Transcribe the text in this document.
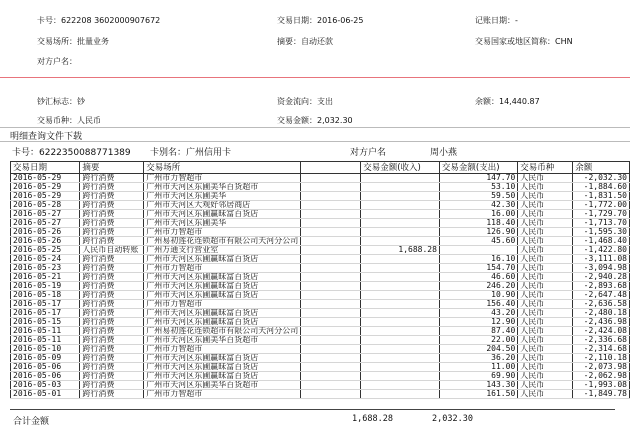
卡号：622208 3602000907672	交易日期：2016-06-25	记账日期：-
交易场所：批量业务	摘要：自动还款	交易国家或地区简称：CHN
对方户名：
钞汇标志：钞	资金流向：支出	余额：14,440.87
交易币种：人民币	交易金额：2,032.30
明细查询文件下载
卡号：6222350088771389 卡别名：广州信用卡	对方户名	周小燕
交易日期	摘要	交易场所		交易金额(收入)	交易金额(支出)	交易币种	余额
2016-05-29	跨行消费	广州市力智超市			147.70	人民币	-2,032.30
2016-05-29	跨行消费	广州市天河区东圃美华百货超市			53.10	人民币	-1,884.60
2016-05-29	跨行消费	广州市天河区东圃美华			59.50	人民币	-1,831.50
2016-05-28	跨行消费	广州市天河区大观好邻居商店			42.30	人民币	-1,772.00
2016-05-27	跨行消费	广州市天河区东圃赢昧富百货店			16.00	人民币	-1,729.70
2016-05-27	跨行消费	广州市天河区东圃美华			118.40	人民币	-1,713.70
2016-05-26	跨行消费	广州市力智超市			126.90	人民币	-1,595.30
2016-05-26	跨行消费	广州易初莲花连锁超市有限公司天河分公司			45.60	人民币	-1,468.40
2016-05-25	人民币自动转账	广州万通支行营业室		1,688.28		人民币	-1,422.80
2016-05-24	跨行消费	广州市天河区东圃赢昧富百货店			16.10	人民币	-3,111.08
2016-05-23	跨行消费	广州市力智超市			154.70	人民币	-3,094.98
2016-05-21	跨行消费	广州市天河区东圃赢昧富百货店			46.60	人民币	-2,940.28
2016-05-19	跨行消费	广州市天河区东圃赢昧富百货店			246.20	人民币	-2,893.68
2016-05-18	跨行消费	广州市天河区东圃赢昧富百货店			10.90	人民币	-2,647.48
2016-05-17	跨行消费	广州市力智超市			156.40	人民币	-2,636.58
2016-05-17	跨行消费	广州市天河区东圃赢昧富百货店			43.20	人民币	-2,480.18
2016-05-15	跨行消费	广州市天河区东圃赢昧富百货店			12.90	人民币	-2,436.98
2016-05-11	跨行消费	广州易初莲花连锁超市有限公司天河分公司			87.40	人民币	-2,424.08
2016-05-11	跨行消费	广州市天河区东圃美华百货超市			22.00	人民币	-2,336.68
2016-05-10	跨行消费	广州市力智超市			204.50	人民币	-2,314.68
2016-05-09	跨行消费	广州市天河区东圃赢昧富百货店			36.20	人民币	-2,110.18
2016-05-06	跨行消费	广州市天河区东圃赢昧富百货店			11.00	人民币	-2,073.98
2016-05-06	跨行消费	广州市天河区东圃赢昧富百货店			69.90	人民币	-2,062.98
2016-05-03	跨行消费	广州市天河区东圃美华百货超市			143.30	人民币	-1,993.08
2016-05-01	跨行消费	广州市力智超市			161.50	人民币	-1,849.78
合计金额	1,688.28	2,032.30
